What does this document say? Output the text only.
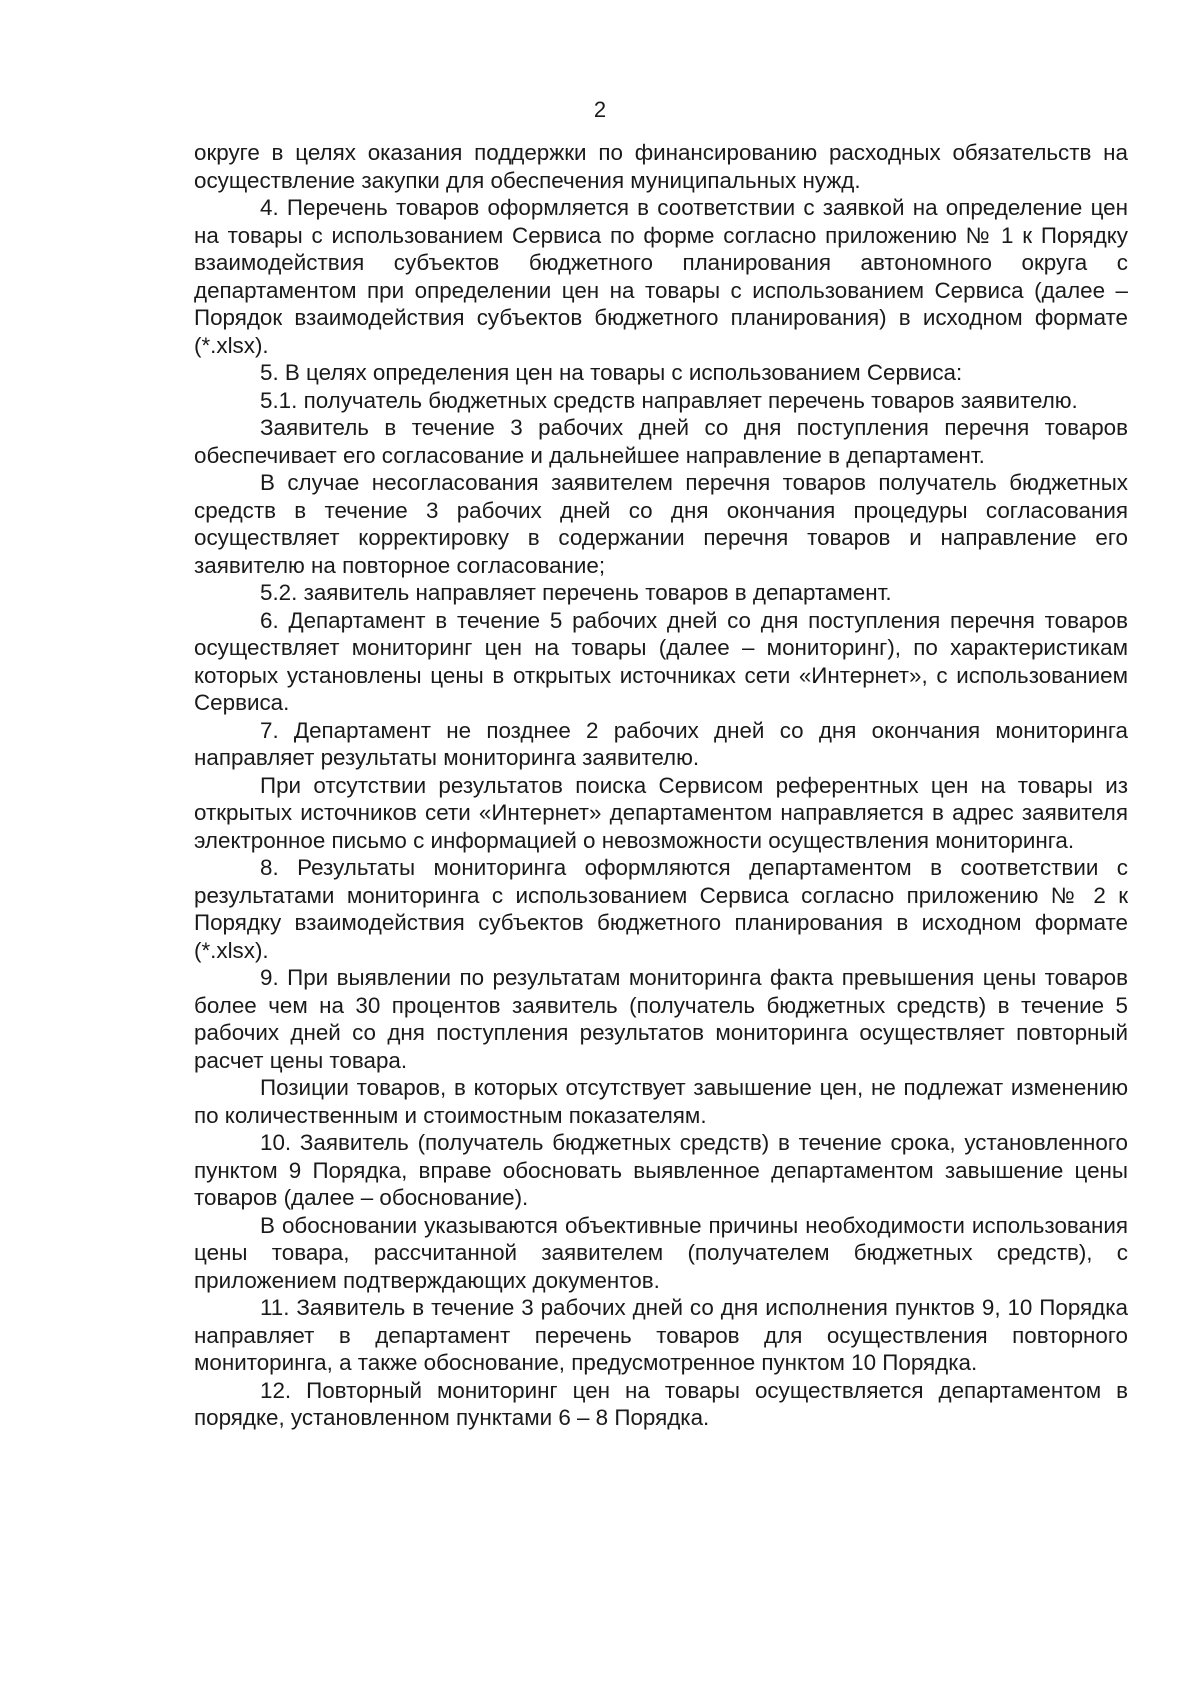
2

округе в целях оказания поддержки по финансированию расходных обязательств на осуществление закупки для обеспечения муниципальных нужд.

4. Перечень товаров оформляется в соответствии с заявкой на определение цен на товары с использованием Сервиса по форме согласно приложению № 1 к Порядку взаимодействия субъектов бюджетного планирования автономного округа с департаментом при определении цен на товары с использованием Сервиса (далее – Порядок взаимодействия субъектов бюджетного планирования) в исходном формате (*.xlsx).

5. В целях определения цен на товары с использованием Сервиса:

5.1. получатель бюджетных средств направляет перечень товаров заявителю.

Заявитель в течение 3 рабочих дней со дня поступления перечня товаров обеспечивает его согласование и дальнейшее направление в департамент.

В случае несогласования заявителем перечня товаров получатель бюджетных средств в течение 3 рабочих дней со дня окончания процедуры согласования осуществляет корректировку в содержании перечня товаров и направление его заявителю на повторное согласование;

5.2. заявитель направляет перечень товаров в департамент.

6. Департамент в течение 5 рабочих дней со дня поступления перечня товаров осуществляет мониторинг цен на товары (далее – мониторинг), по характеристикам которых установлены цены в открытых источниках сети «Интернет», с использованием Сервиса.

7. Департамент не позднее 2 рабочих дней со дня окончания мониторинга направляет результаты мониторинга заявителю.

При отсутствии результатов поиска Сервисом референтных цен на товары из открытых источников сети «Интернет» департаментом направляется в адрес заявителя электронное письмо с информацией о невозможности осуществления мониторинга.

8. Результаты мониторинга оформляются департаментом в соответствии с результатами мониторинга с использованием Сервиса согласно приложению № 2 к Порядку взаимодействия субъектов бюджетного планирования в исходном формате (*.xlsx).

9. При выявлении по результатам мониторинга факта превышения цены товаров более чем на 30 процентов заявитель (получатель бюджетных средств) в течение 5 рабочих дней со дня поступления результатов мониторинга осуществляет повторный расчет цены товара.

Позиции товаров, в которых отсутствует завышение цен, не подлежат изменению по количественным и стоимостным показателям.

10. Заявитель (получатель бюджетных средств) в течение срока, установленного пунктом 9 Порядка, вправе обосновать выявленное департаментом завышение цены товаров (далее – обоснование).

В обосновании указываются объективные причины необходимости использования цены товара, рассчитанной заявителем (получателем бюджетных средств), с приложением подтверждающих документов.

11. Заявитель в течение 3 рабочих дней со дня исполнения пунктов 9, 10 Порядка направляет в департамент перечень товаров для осуществления повторного мониторинга, а также обоснование, предусмотренное пунктом 10 Порядка.

12. Повторный мониторинг цен на товары осуществляется департаментом в порядке, установленном пунктами 6 – 8 Порядка.
